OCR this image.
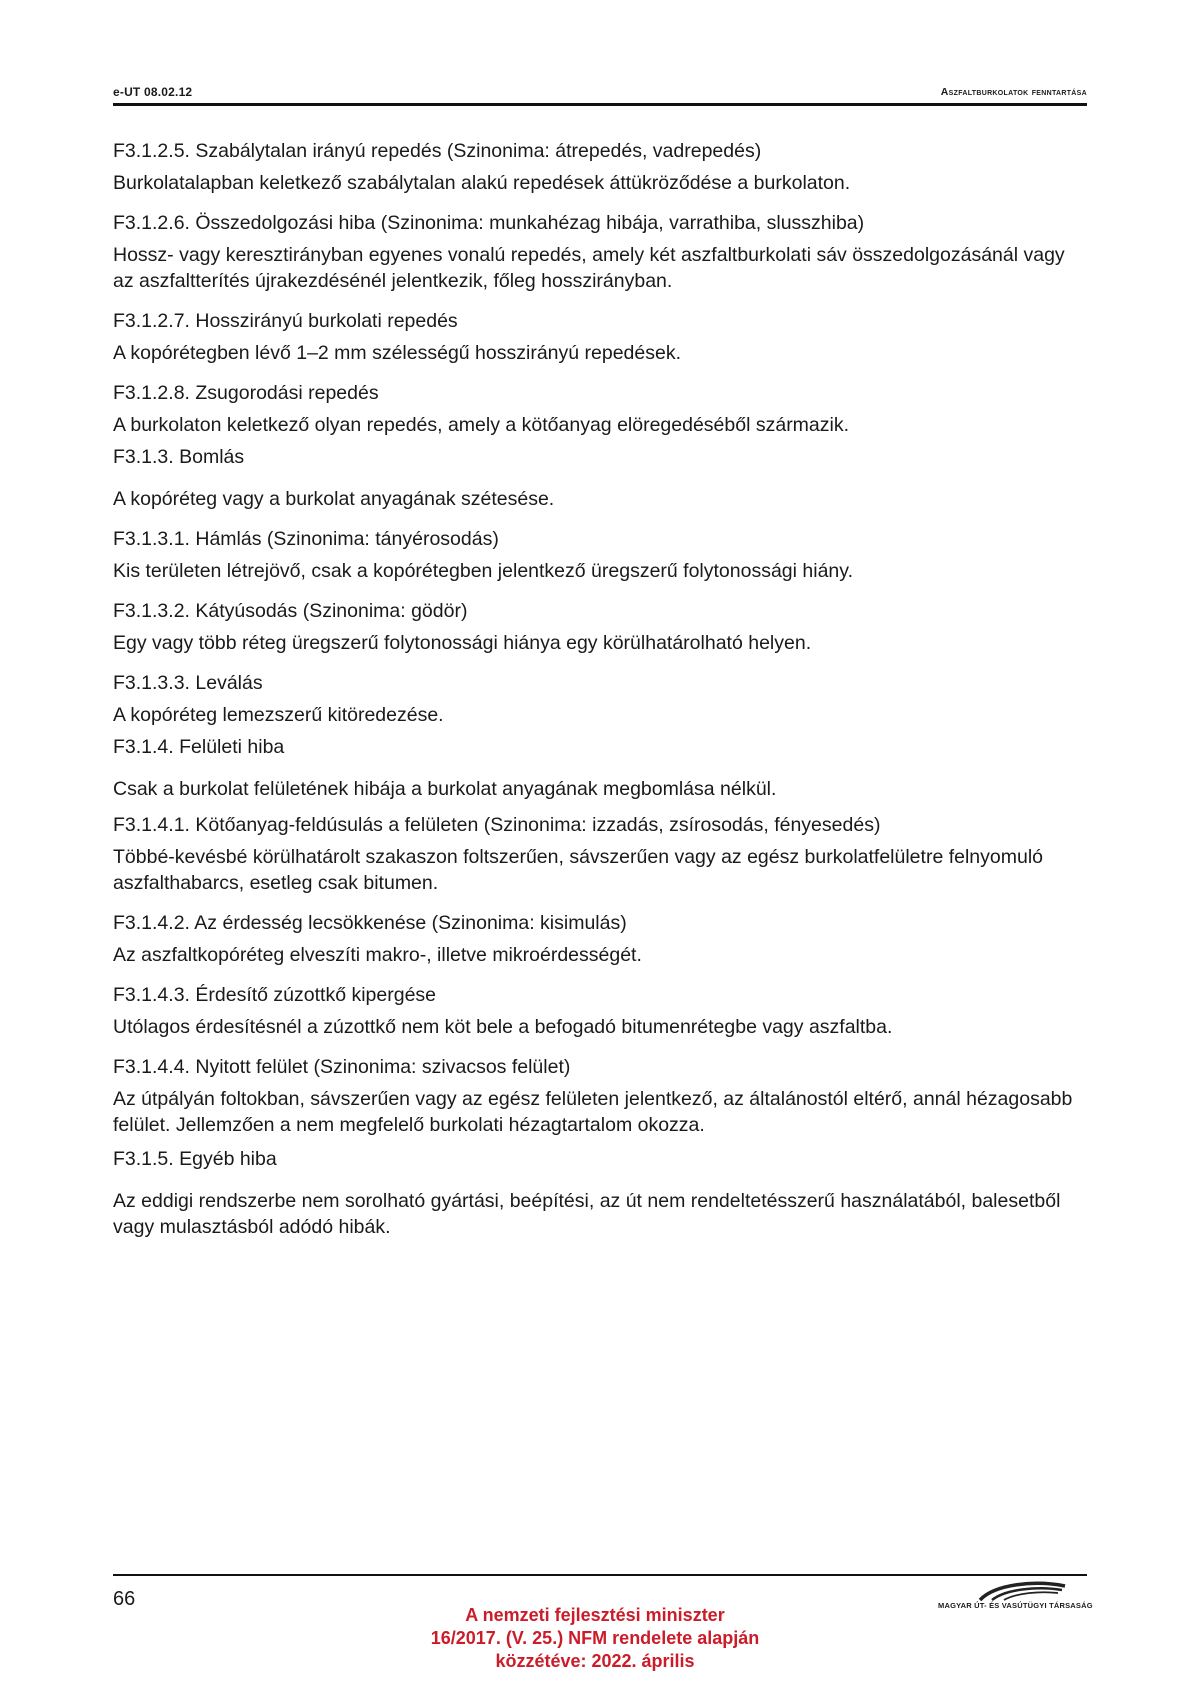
e-UT 08.02.12	Aszfaltburkolatok fenntartása

F3.1.2.5. Szabálytalan irányú repedés (Szinonima: átrepedés, vadrepedés)

Burkolatalapban keletkező szabálytalan alakú repedések áttükröződése a burkolaton.

F3.1.2.6. Összedolgozási hiba (Szinonima: munkahézag hibája, varrathiba, slusszhiba)

Hossz- vagy keresztirányban egyenes vonalú repedés, amely két aszfaltburkolati sáv összedolgozásánál vagy az aszfaltterítés újrakezdésénél jelentkezik, főleg hosszirányban.

F3.1.2.7. Hosszirányú burkolati repedés

A kopórétegben lévő 1–2 mm szélességű hosszirányú repedések.

F3.1.2.8. Zsugorodási repedés

A burkolaton keletkező olyan repedés, amely a kötőanyag elöregedéséből származik.

F3.1.3. Bomlás

A kopóréteg vagy a burkolat anyagának szétesése.

F3.1.3.1. Hámlás (Szinonima: tányérosodás)

Kis területen létrejövő, csak a kopórétegben jelentkező üregszerű folytonossági hiány.

F3.1.3.2. Kátyúsodás (Szinonima: gödör)

Egy vagy több réteg üregszerű folytonossági hiánya egy körülhatárolható helyen.

F3.1.3.3. Leválás

A kopóréteg lemezszerű kitöredezése.

F3.1.4. Felületi hiba

Csak a burkolat felületének hibája a burkolat anyagának megbomlása nélkül.

F3.1.4.1. Kötőanyag-feldúsulás a felületen (Szinonima: izzadás, zsírosodás, fényesedés)

Többé-kevésbé körülhatárolt szakaszon foltszerűen, sávszerűen vagy az egész burkolatfelületre felnyomuló aszfalthabarcs, esetleg csak bitumen.

F3.1.4.2. Az érdesség lecsökkenése (Szinonima: kisimulás)

Az aszfaltkopóréteg elveszíti makro-, illetve mikroérdességét.

F3.1.4.3. Érdesítő zúzottkő kipergése

Utólagos érdesítésnél a zúzottkő nem köt bele a befogadó bitumenrétegbe vagy aszfaltba.

F3.1.4.4. Nyitott felület (Szinonima: szivacsos felület)

Az útpályán foltokban, sávszerűen vagy az egész felületen jelentkező, az általánostól eltérő, annál hézagosabb felület. Jellemzően a nem megfelelő burkolati hézagtartalom okozza.

F3.1.5. Egyéb hiba

Az eddigi rendszerbe nem sorolható gyártási, beépítési, az út nem rendeltetésszerű használatából, balesetből vagy mulasztásból adódó hibák.

66
A nemzeti fejlesztési miniszter
16/2017. (V. 25.) NFM rendelete alapján
közzétéve: 2022. április
MAGYAR ÚT- ÉS VASÚTÜGYI TÁRSASÁG
